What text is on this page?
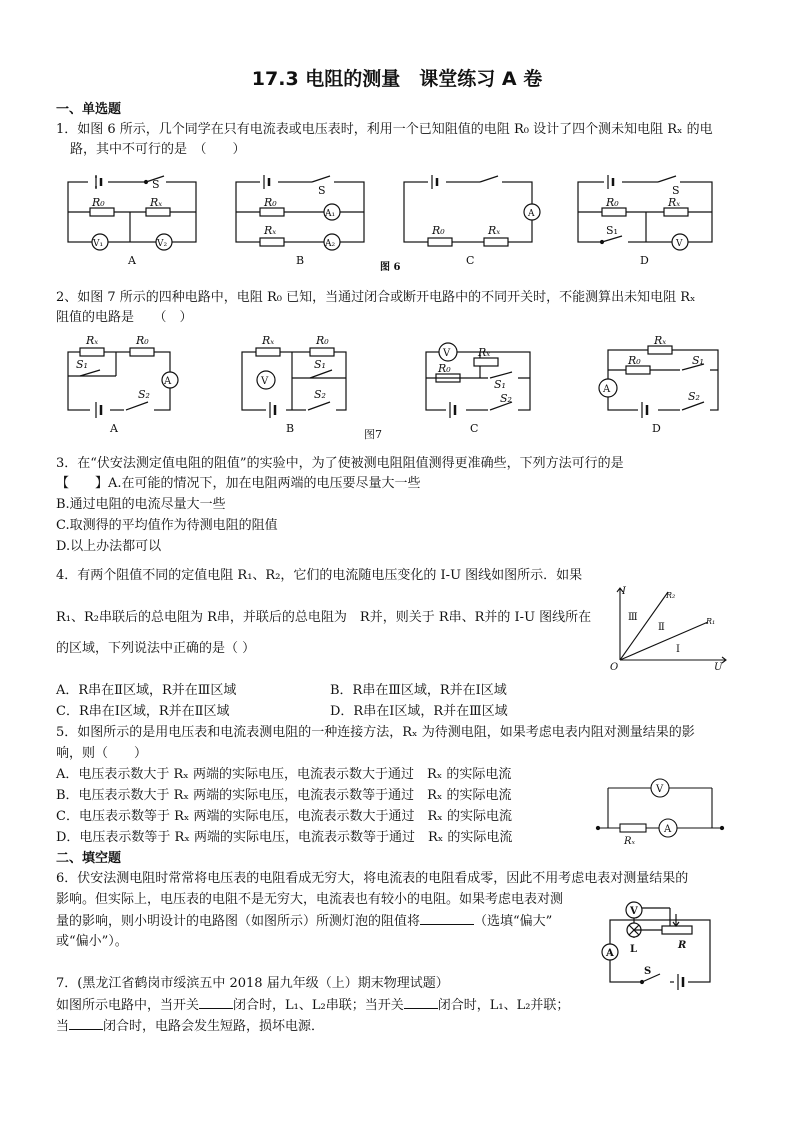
17.3 电阻的测量　课堂练习 A 卷
一、单选题
1．如图 6 所示，几个同学在只有电流表或电压表时，利用一个已知阻值的电阻 R₀ 设计了四个测未知电阻 Rₓ 的电
路，其中不可行的是　（　　）
S
R₀	Rₓ
V₁	V₂
A
S
R₀
A₁
Rₓ
A₂
B
A
R₀	Rₓ
C
S
R₀	Rₓ
S₁
V
D
图 6
2、如图 7 所示的四种电路中，电阻 R₀ 已知，当通过闭合或断开电路中的不同开关时，不能测算出未知电阻 Rₓ
阻值的电路是　　（　）
Rₓ	R₀
S₁
A
S₂
A
Rₓ	R₀
V
S₁
S₂
B	图7
V	Rₓ
R₀
S₁
S₂
C
Rₓ
R₀	S₁
A
S₂
D
3．在“伏安法测定值电阻的阻值”的实验中，为了使被测电阻阻值测得更准确些，下列方法可行的是
【　　】A.在可能的情况下，加在电阻两端的电压要尽量大一些
B.通过电阻的电流尽量大一些
C.取测得的平均值作为待测电阻的阻值
D.以上办法都可以
4．有两个阻值不同的定值电阻 R₁、R₂，它们的电流随电压变化的 I-U 图线如图所示．如果
R₁、R₂串联后的总电阻为 R串，并联后的总电阻为　R并，则关于 R串、R并的 I-U 图线所在
的区域，下列说法中正确的是（ ）
I
U
O
R₂
R₁
Ⅲ
Ⅱ
Ⅰ
A．R串在Ⅱ区域，R并在Ⅲ区域	B．R串在Ⅲ区域，R并在Ⅰ区域
C．R串在Ⅰ区域，R并在Ⅱ区域	D．R串在Ⅰ区域，R并在Ⅲ区域
5．如图所示的是用电压表和电流表测电阻的一种连接方法，Rₓ 为待测电阻，如果考虑电表内阻对测量结果的影
响，则（　　）
A．电压表示数大于 Rₓ 两端的实际电压，电流表示数大于通过　Rₓ 的实际电流
B．电压表示数大于 Rₓ 两端的实际电压，电流表示数等于通过　Rₓ 的实际电流
C．电压表示数等于 Rₓ 两端的实际电压，电流表示数大于通过　Rₓ 的实际电流
D．电压表示数等于 Rₓ 两端的实际电压，电流表示数等于通过　Rₓ 的实际电流
V
A
Rₓ
二、填空题
6．伏安法测电阻时常常将电压表的电阻看成无穷大，将电流表的电阻看成零，因此不用考虑电表对测量结果的
影响。但实际上，电压表的电阻不是无穷大，电流表也有较小的电阻。如果考虑电表对测
量的影响，则小明设计的电路图（如图所示）所测灯泡的阻值将	（选填“偏大”
或“偏小”）。
V
A L	R
S
7．(黑龙江省鹤岗市绥滨五中 2018 届九年级（上）期末物理试题）
如图所示电路中，当开关	闭合时，L₁、L₂串联；当开关	闭合时，L₁、L₂并联；
当	闭合时，电路会发生短路，损坏电源．
